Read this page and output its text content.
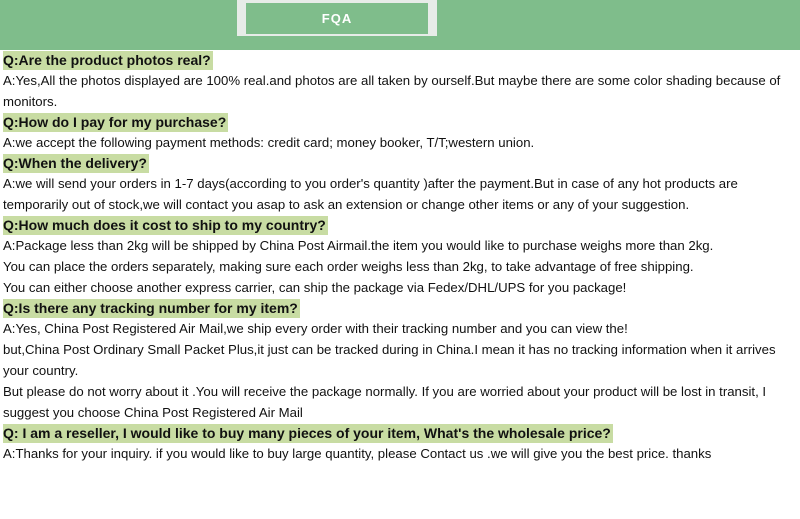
FQA
Q:Are the product photos real?

A:Yes,All the photos displayed are 100% real.and photos are all taken by ourself.But maybe there are some color shading because of monitors.

Q:How do I pay for my purchase?

A:we accept the following payment methods: credit card; money booker, T/T;western union.

Q:When the delivery?

A:we will send your orders in 1-7 days(according to you order's quantity )after the payment.But in case of any hot products are temporarily out of stock,we will contact you asap to ask an extension or change other items or any of your suggestion.

Q:How much does it cost to ship to my country?

A:Package less than 2kg will be shipped by China Post Airmail.the item you would like to purchase weighs more than 2kg.

You can place the orders separately, making sure each order weighs less than 2kg, to take advantage of free shipping.

You can either choose another express carrier, can ship the package via Fedex/DHL/UPS for you package!

Q:Is there any tracking number for my item?

A:Yes, China Post Registered Air Mail,we ship every order with their tracking number and you can view the!

but,China Post Ordinary Small Packet Plus,it just can be tracked during in China.I mean it has no tracking information when it arrives your country.

But please do not worry about it .You will receive the package normally. If you are worried about your product will be lost in transit, I suggest you choose China Post Registered Air Mail

Q: I am a reseller, I would like to buy many pieces of your item, What's the wholesale price?

A:Thanks for your inquiry. if you would like to buy large quantity, please Contact us .we will give you the best price. thanks
